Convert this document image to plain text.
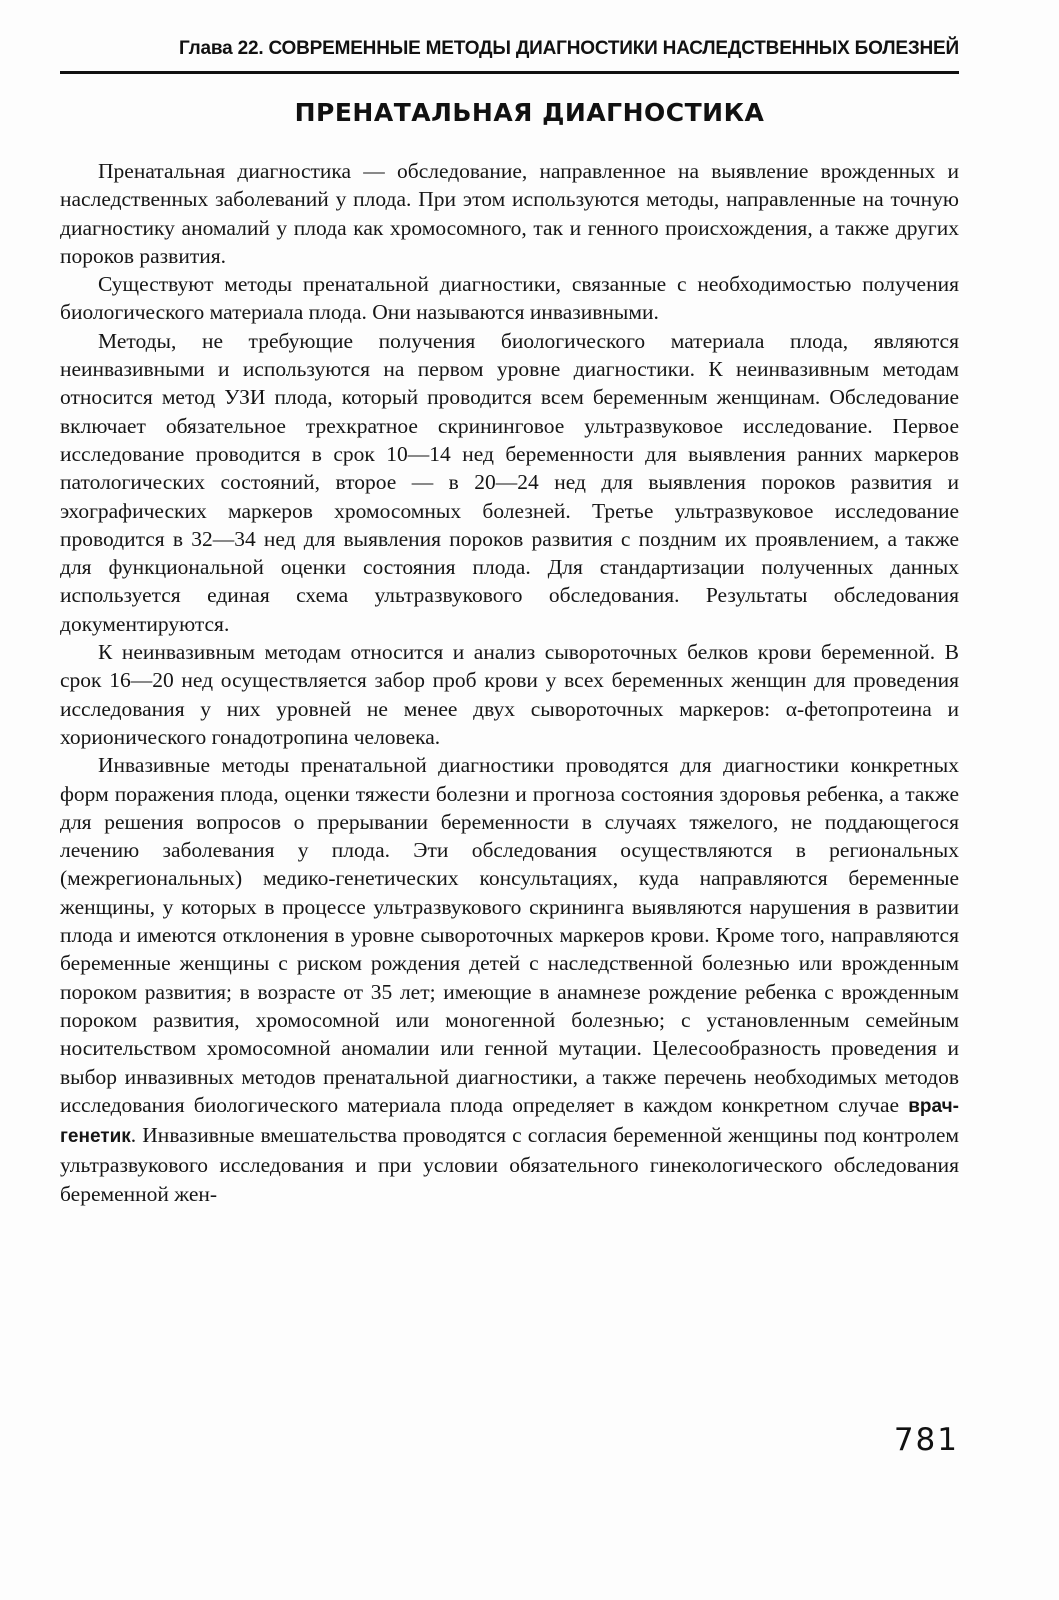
Глава 22. СОВРЕМЕННЫЕ МЕТОДЫ ДИАГНОСТИКИ НАСЛЕДСТВЕННЫХ БОЛЕЗНЕЙ
ПРЕНАТАЛЬНАЯ ДИАГНОСТИКА

Пренатальная диагностика — обследование, направленное на выявление врожденных и наследственных заболеваний у плода. При этом используются методы, направленные на точную диагностику аномалий у плода как хромосомного, так и генного происхождения, а также других пороков развития.

Существуют методы пренатальной диагностики, связанные с необходимостью получения биологического материала плода. Они называются инвазивными.

Методы, не требующие получения биологического материала плода, являются неинвазивными и используются на первом уровне диагностики. К неинвазивным методам относится метод УЗИ плода, который проводится всем беременным женщинам. Обследование включает обязательное трехкратное скрининговое ультразвуковое исследование. Первое исследование проводится в срок 10—14 нед беременности для выявления ранних маркеров патологических состояний, второе — в 20—24 нед для выявления пороков развития и эхографических маркеров хромосомных болезней. Третье ультразвуковое исследование проводится в 32—34 нед для выявления пороков развития с поздним их проявлением, а также для функциональной оценки состояния плода. Для стандартизации полученных данных используется единая схема ультразвукового обследования. Результаты обследования документируются.

К неинвазивным методам относится и анализ сывороточных белков крови беременной. В срок 16—20 нед осуществляется забор проб крови у всех беременных женщин для проведения исследования у них уровней не менее двух сывороточных маркеров: α-фетопротеина и хорионического гонадотропина человека.

Инвазивные методы пренатальной диагностики проводятся для диагностики конкретных форм поражения плода, оценки тяжести болезни и прогноза состояния здоровья ребенка, а также для решения вопросов о прерывании беременности в случаях тяжелого, не поддающегося лечению заболевания у плода. Эти обследования осуществляются в региональных (межрегиональных) медико-генетических консультациях, куда направляются беременные женщины, у которых в процессе ультразвукового скрининга выявляются нарушения в развитии плода и имеются отклонения в уровне сывороточных маркеров крови. Кроме того, направляются беременные женщины с риском рождения детей с наследственной болезнью или врожденным пороком развития; в возрасте от 35 лет; имеющие в анамнезе рождение ребенка с врожденным пороком развития, хромосомной или моногенной болезнью; с установленным семейным носительством хромосомной аномалии или генной мутации. Целесообразность проведения и выбор инвазивных методов пренатальной диагностики, а также перечень необходимых методов исследования биологического материала плода определяет в каждом конкретном случае врач-генетик. Инвазивные вмешательства проводятся с согласия беременной женщины под контролем ультразвукового исследования и при условии обязательного гинекологического обследования беременной жен-

781
